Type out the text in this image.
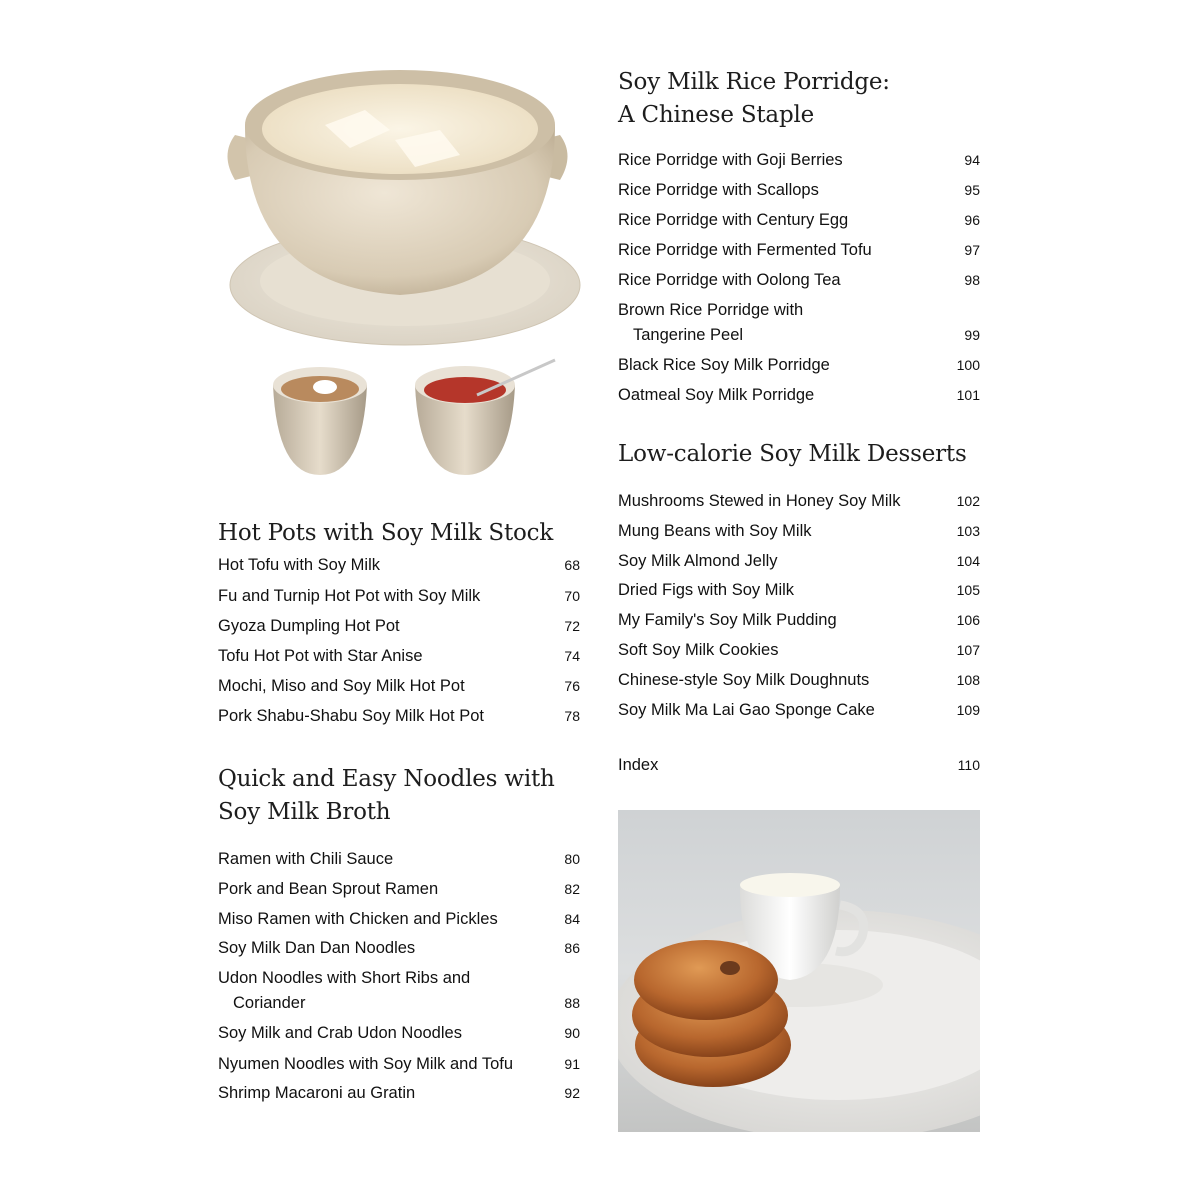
Soy Milk Rice Porridge:
A Chinese Staple
Rice Porridge with Goji Berries	94
Rice Porridge with Scallops	95
Rice Porridge with Century Egg	96
Rice Porridge with Fermented Tofu	97
Rice Porridge with Oolong Tea	98
Brown Rice Porridge with
Tangerine Peel	99
Black Rice Soy Milk Porridge	100
Oatmeal Soy Milk Porridge	101
Low-calorie Soy Milk Desserts
Mushrooms Stewed in Honey Soy Milk	102
Mung Beans with Soy Milk	103
Soy Milk Almond Jelly	104
Dried Figs with Soy Milk	105
My Family's Soy Milk Pudding	106
Soft Soy Milk Cookies	107
Chinese-style Soy Milk Doughnuts	108
Soy Milk Ma Lai Gao Sponge Cake	109
Index	110
Hot Pots with Soy Milk Stock
Hot Tofu with Soy Milk	68
Fu and Turnip Hot Pot with Soy Milk	70
Gyoza Dumpling Hot Pot	72
Tofu Hot Pot with Star Anise	74
Mochi, Miso and Soy Milk Hot Pot	76
Pork Shabu-Shabu Soy Milk Hot Pot	78
Quick and Easy Noodles with
Soy Milk Broth
Ramen with Chili Sauce	80
Pork and Bean Sprout Ramen	82
Miso Ramen with Chicken and Pickles	84
Soy Milk Dan Dan Noodles	86
Udon Noodles with Short Ribs and
Coriander	88
Soy Milk and Crab Udon Noodles	90
Nyumen Noodles with Soy Milk and Tofu	91
Shrimp Macaroni au Gratin	92
